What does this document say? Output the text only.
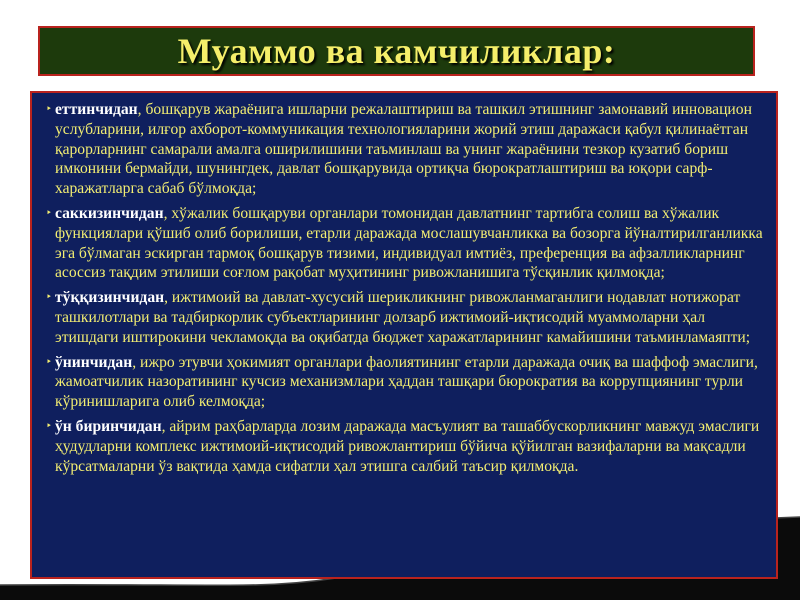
Муаммо ва камчиликлар:

‣ еттинчидан, бошқарув жараёнига ишларни режалаштириш ва ташкил этишнинг замонавий инновацион услубларини, илғор ахборот-коммуникация технологияларини жорий этиш даражаси қабул қилинаётган қарорларнинг самарали амалга оширилишини таъминлаш ва унинг жараёнини тезкор кузатиб бориш имконини бермайди, шунингдек, давлат бошқарувида ортиқча бюрократлаштириш ва юқори сарф-харажатларга сабаб бўлмоқда;

‣ саккизинчидан, хўжалик бошқаруви органлари томонидан давлатнинг тартибга солиш ва хўжалик функциялари қўшиб олиб борилиши, етарли даражада мослашувчанликка ва бозорга йўналтирилганликка эга бўлмаган эскирган тармоқ бошқарув тизими, индивидуал имтиёз, преференция ва афзалликларнинг асоссиз тақдим этилиши соғлом рақобат муҳитининг ривожланишига тўсқинлик қилмоқда;

‣ тўққизинчидан, ижтимоий ва давлат-хусусий шерикликнинг ривожланмаганлиги нодавлат нотижорат ташкилотлари ва тадбиркорлик субъектларининг долзарб ижтимоий-иқтисодий муаммоларни ҳал этишдаги иштирокини чекламоқда ва оқибатда бюджет харажатларининг камайишини таъминламаяпти;

‣ ўнинчидан, ижро этувчи ҳокимият органлари фаолиятининг етарли даражада очиқ ва шаффоф эмаслиги, жамоатчилик назоратининг кучсиз механизмлари ҳаддан ташқари бюрократия ва коррупциянинг турли кўринишларига олиб келмоқда;

‣ ўн биринчидан, айрим раҳбарларда лозим даражада масъулият ва ташаббускорликнинг мавжуд эмаслиги ҳудудларни комплекс ижтимоий-иқтисодий ривожлантириш бўйича қўйилган вазифаларни ва мақсадли кўрсатмаларни ўз вақтида ҳамда сифатли ҳал этишга салбий таъсир қилмоқда.
